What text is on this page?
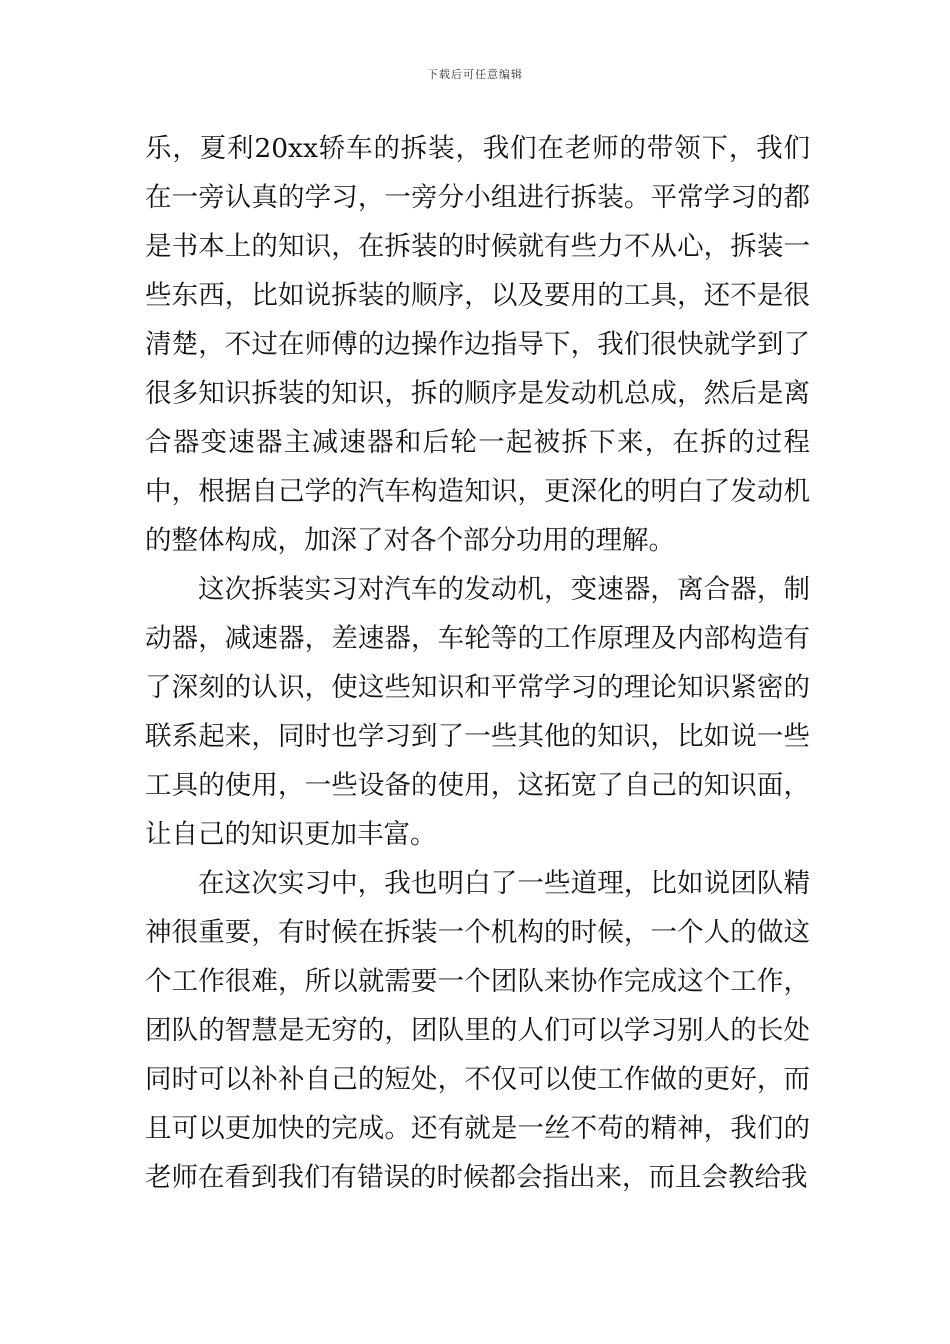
下载后可任意编辑

乐，夏利20xx轿车的拆装，我们在老师的带领下，我们在一旁认真的学习，一旁分小组进行拆装。平常学习的都是书本上的知识，在拆装的时候就有些力不从心，拆装一些东西，比如说拆装的顺序，以及要用的工具，还不是很清楚，不过在师傅的边操作边指导下，我们很快就学到了很多知识拆装的知识，拆的顺序是发动机总成，然后是离合器变速器主减速器和后轮一起被拆下来，在拆的过程中，根据自己学的汽车构造知识，更深化的明白了发动机的整体构成，加深了对各个部分功用的理解。

这次拆装实习对汽车的发动机，变速器，离合器，制动器，减速器，差速器，车轮等的工作原理及内部构造有了深刻的认识，使这些知识和平常学习的理论知识紧密的联系起来，同时也学习到了一些其他的知识，比如说一些工具的使用，一些设备的使用，这拓宽了自己的知识面，让自己的知识更加丰富。

在这次实习中，我也明白了一些道理，比如说团队精神很重要，有时候在拆装一个机构的时候，一个人的做这个工作很难，所以就需要一个团队来协作完成这个工作，团队的智慧是无穷的，团队里的人们可以学习别人的长处同时可以补补自己的短处，不仅可以使工作做的更好，而且可以更加快的完成。还有就是一丝不苟的精神，我们的老师在看到我们有错误的时候都会指出来，而且会教给我
